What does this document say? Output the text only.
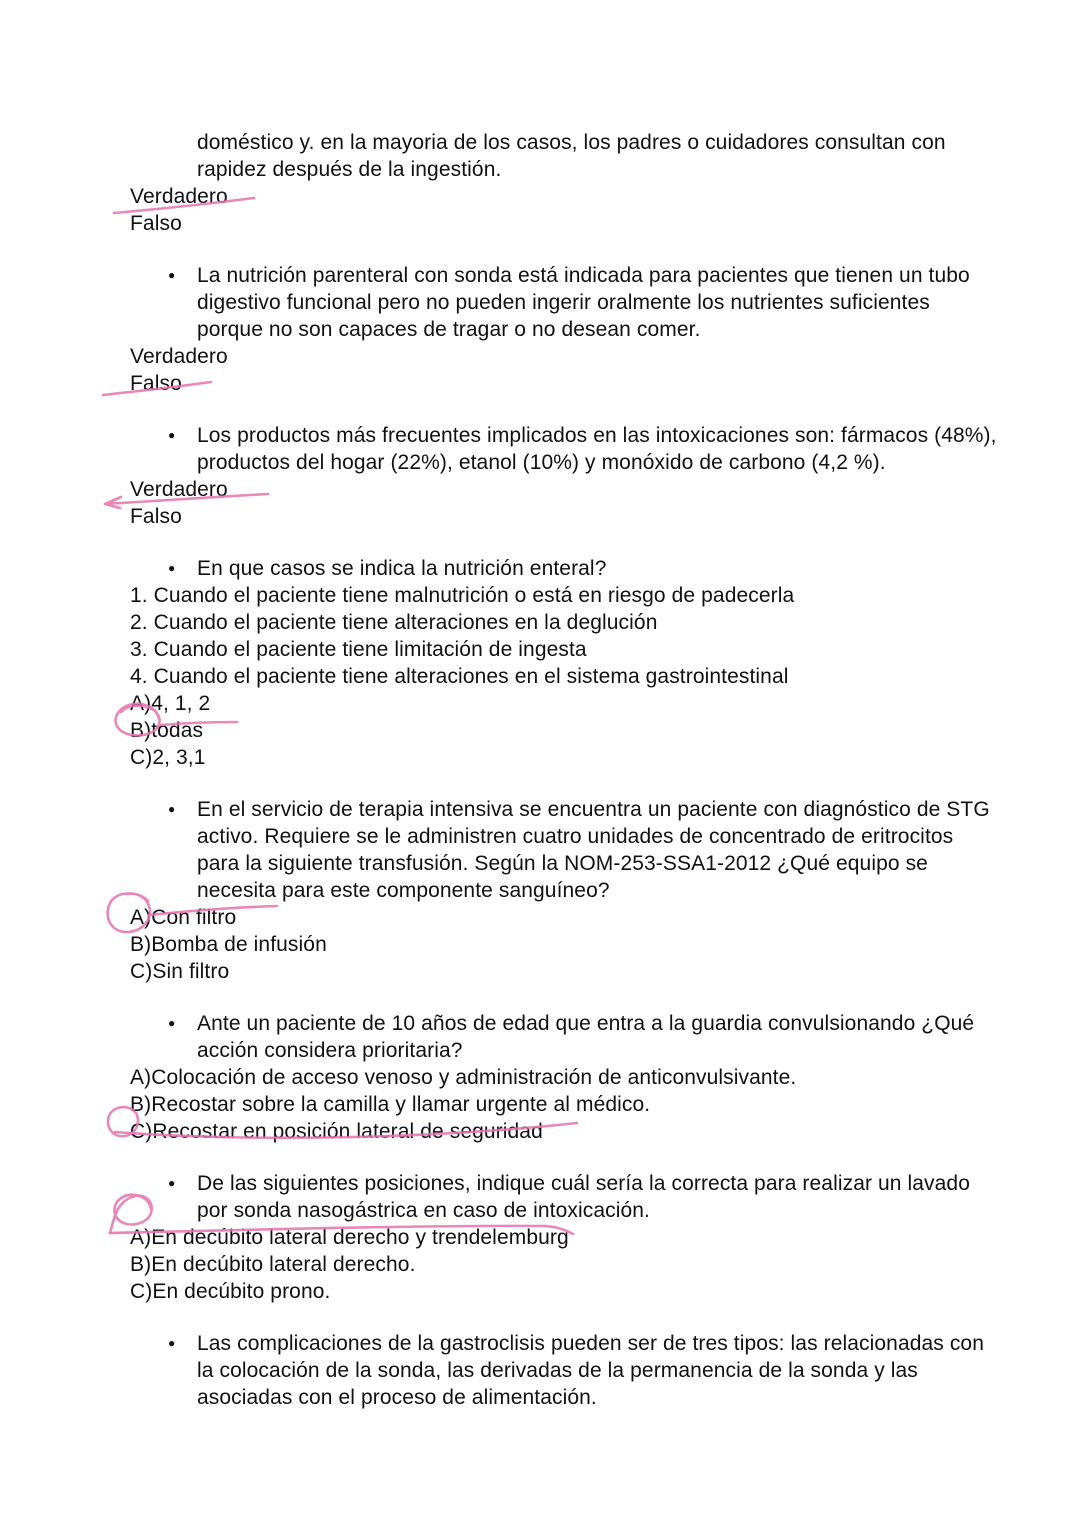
doméstico y. en la mayoria de los casos, los padres o cuidadores consultan con
rapidez después de la ingestión.
Verdadero
Falso
● La nutrición parenteral con sonda está indicada para pacientes que tienen un tubo
digestivo funcional pero no pueden ingerir oralmente los nutrientes suficientes
porque no son capaces de tragar o no desean comer.
Verdadero
Falso
● Los productos más frecuentes implicados en las intoxicaciones son: fármacos (48%),
productos del hogar (22%), etanol (10%) y monóxido de carbono (4,2 %).
Verdadero
Falso
● En que casos se indica la nutrición enteral?
1. Cuando el paciente tiene malnutrición o está en riesgo de padecerla
2. Cuando el paciente tiene alteraciones en la deglución
3. Cuando el paciente tiene limitación de ingesta
4. Cuando el paciente tiene alteraciones en el sistema gastrointestinal
A)4, 1, 2
B)todas
C)2, 3,1
● En el servicio de terapia intensiva se encuentra un paciente con diagnóstico de STG
activo. Requiere se le administren cuatro unidades de concentrado de eritrocitos
para la siguiente transfusión. Según la NOM-253-SSA1-2012 ¿Qué equipo se
necesita para este componente sanguíneo?
A)Con filtro
B)Bomba de infusión
C)Sin filtro
● Ante un paciente de 10 años de edad que entra a la guardia convulsionando ¿Qué
acción considera prioritaria?
A)Colocación de acceso venoso y administración de anticonvulsivante.
B)Recostar sobre la camilla y llamar urgente al médico.
C)Recostar en posición lateral de seguridad
● De las siguientes posiciones, indique cuál sería la correcta para realizar un lavado
por sonda nasogástrica en caso de intoxicación.
A)En decúbito lateral derecho y trendelemburg
B)En decúbito lateral derecho.
C)En decúbito prono.
● Las complicaciones de la gastroclisis pueden ser de tres tipos: las relacionadas con
la colocación de la sonda, las derivadas de la permanencia de la sonda y las
asociadas con el proceso de alimentación.
